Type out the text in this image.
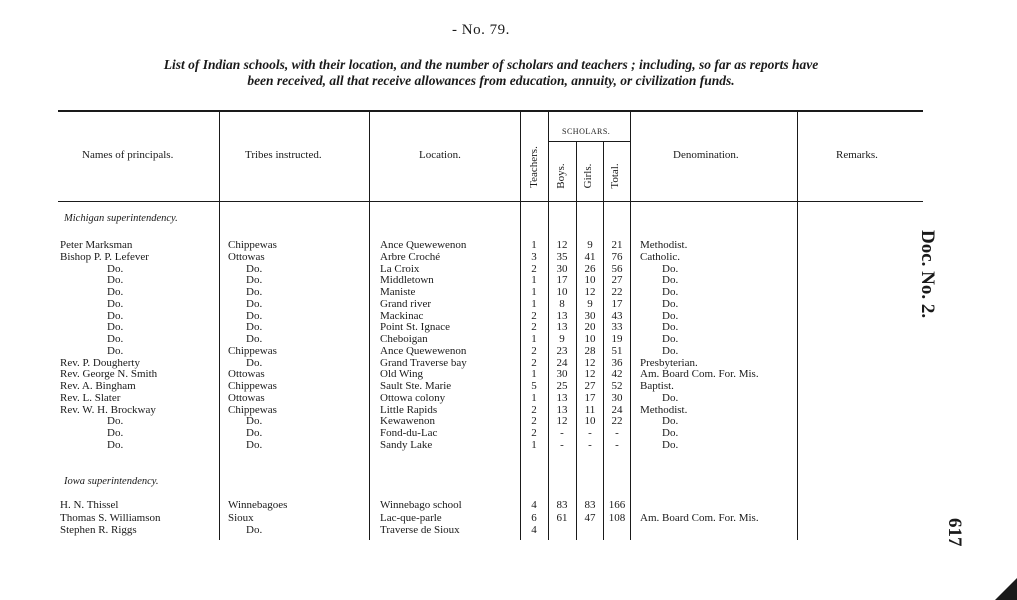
- No. 79.
List of Indian schools, with their location, and the number of scholars and teachers ; including, so far as reports have
been received, all that receive allowances from education, annuity, or civilization funds.
Names of principals.	Tribes instructed.	Location.	Teachers.
SCHOLARS.
Boys. Girls. Total.
Denomination.	Remarks.
Michigan superintendency.
Peter Marksman	Chippewas	Ance Quewewenon	1	12	9	21	Methodist.
Bishop P. P. Lefever	Ottowas	Arbre Croché	3	35	41	76	Catholic.
Do.	Do.	La Croix	2	30	26	56	Do.
Do.	Do.	Middletown	1	17	10	27	Do.
Do.	Do.	Maniste	1	10	12	22	Do.
Do.	Do.	Grand river	1	8	9	17	Do.
Do.	Do.	Mackinac	2	13	30	43	Do.
Do.	Do.	Point St. Ignace	2	13	20	33	Do.
Do.	Do.	Cheboigan	1	9	10	19	Do.
Do.	Chippewas	Ance Quewewenon	2	23	28	51	Do.
Rev. P. Dougherty	Do.	Grand Traverse bay	2	24	12	36	Presbyterian.
Rev. George N. Smith	Ottowas	Old Wing	1	30	12	42	Am. Board Com. For. Mis.
Rev. A. Bingham	Chippewas	Sault Ste. Marie	5	25	27	52	Baptist.
Rev. L. Slater	Ottowas	Ottowa colony	1	13	17	30	Do.
Rev. W. H. Brockway	Chippewas	Little Rapids	2	13	11	24	Methodist.
Do.	Do.	Kewawenon	2	12	10	22	Do.
Do.	Do.	Fond-du-Lac	2	-	-	-	Do.
Do.	Do.	Sandy Lake	1	-	-	-	Do.
Iowa superintendency.
H. N. Thissel	Winnebagoes	Winnebago school	4	83	83	166
Thomas S. Williamson	Sioux	Lac-que-parle	6	61	47	108 Am. Board Com. For. Mis.
Stephen R. Riggs	Do.	Traverse de Sioux	4
Doc. No. 2.
617
